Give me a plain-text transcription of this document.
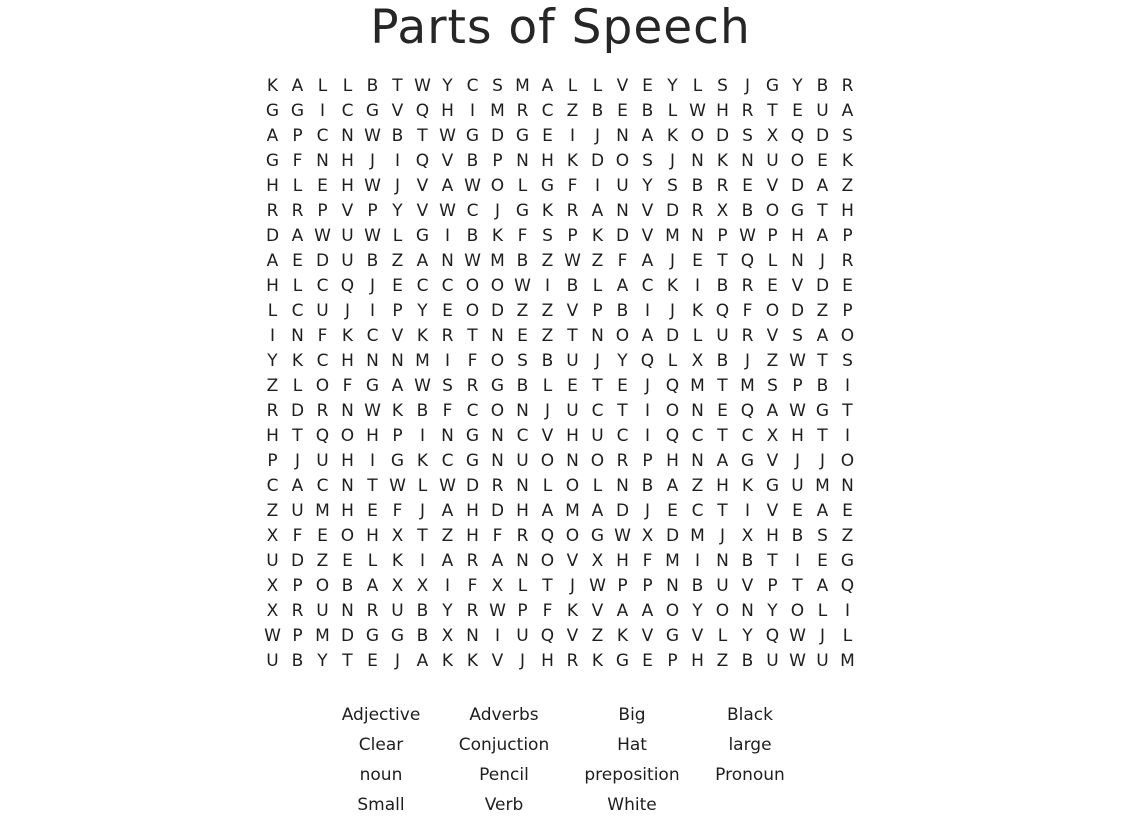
Parts of Speech
K A L L B T W Y C S M A L L V E Y L S	J G Y B R
G G I C G V Q H I M R C Z B E B L W H R T E U A
A P C N W B T W G D G E	I	J N A K O D S X Q D S
G F N H J	I Q V B P N H K D O S	J N K N U O E K
H L E H W J V A W O L G F	I U Y S B R E V D A Z
R R P V P Y V W C J G K R A N V D R X B O G T H
D A W U W L G I B K F S P K D V M N P W P H A P
A E D U B Z A N W M B Z W Z F A J	E T Q L N J R
H L C Q J	E C C O O W I B L A C K I B R E V D E
L C U J	I	P Y E O D Z Z V P B I	J K Q F O D Z P
I N F K C V K R T N E Z T N O A D L U R V S A O
Y K C H N N M I	F O S B U J	Y Q L X B J Z W T S
Z L O F G A W S R G B L E T E	J Q M T M S P B I
R D R N W K B F C O N J U C T	I O N E Q A W G T
H T Q O H P	I N G N C V H U C I Q C T C X H T	I
P	J U H I G K C G N U O N O R P H N A G V J	J O
C A C N T W L W D R N L O L N B A Z H K G U M N
Z U M H E F	J A H D H A M A D J	E C T	I V E A E
X F E O H X T Z H F R Q O G W X D M J X H B S Z
U D Z E L K I A R A N O V X H F M I N B T	I	E G
X P O B A X X I	F X L T	J W P P N B U V P T A Q
X R U N R U B Y R W P F K V A A O Y O N Y O L	I
W P M D G G B X N I U Q V Z K V G V L Y Q W J	L
U B Y T E	J A K K V J H R K G E P H Z B U W U M
Adjective	Adverbs	Big	Black
Clear	Conjuction	Hat	large
noun	Pencil	preposition	Pronoun
Small	Verb	White
